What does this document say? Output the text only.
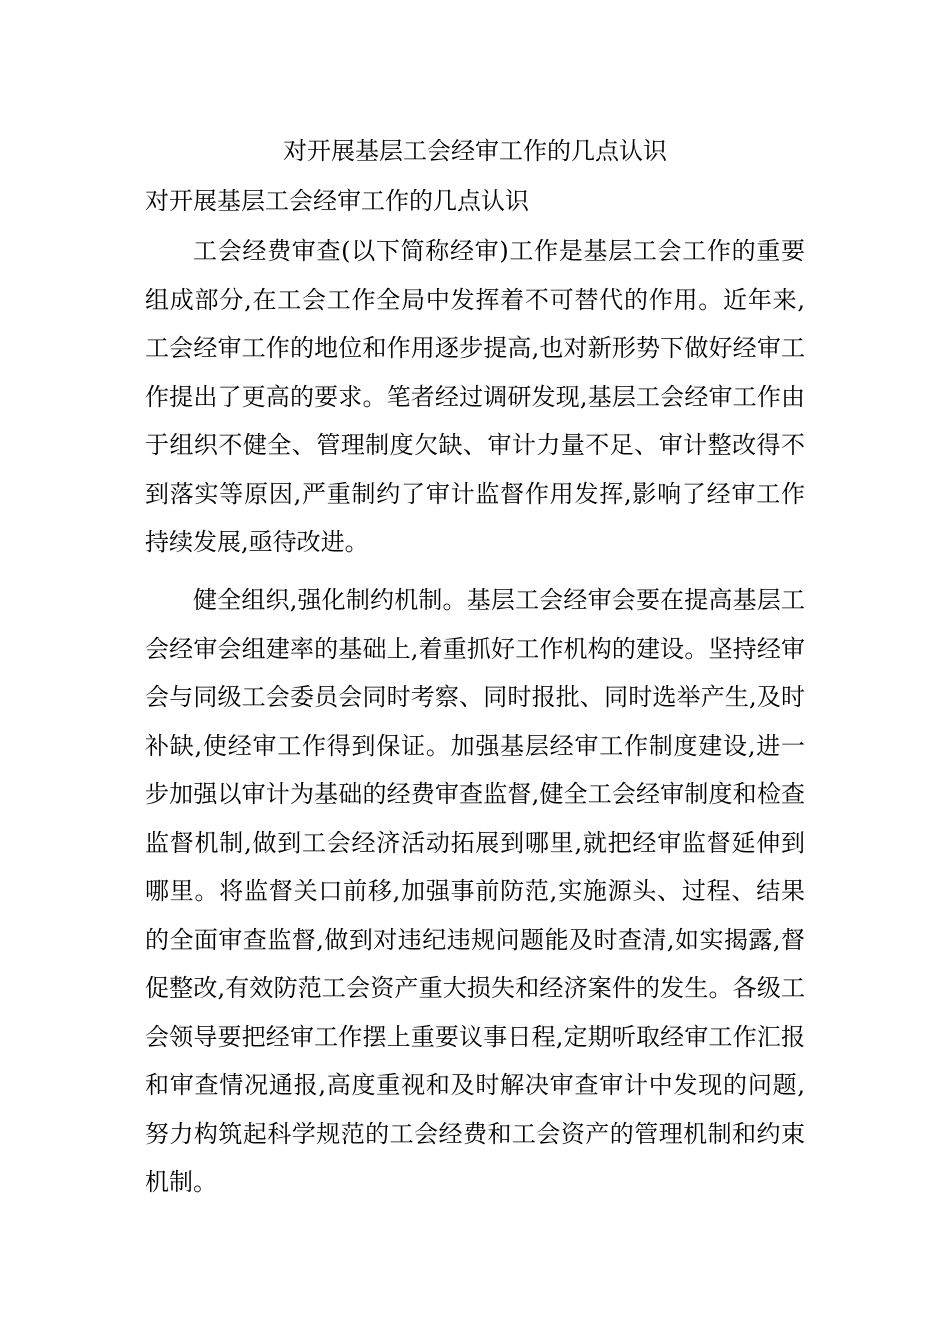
对开展基层工会经审工作的几点认识
对开展基层工会经审工作的几点认识

工会经费审查(以下简称经审)工作是基层工会工作的重要组成部分,在工会工作全局中发挥着不可替代的作用。近年来,工会经审工作的地位和作用逐步提高,也对新形势下做好经审工作提出了更高的要求。笔者经过调研发现,基层工会经审工作由于组织不健全、管理制度欠缺、审计力量不足、审计整改得不到落实等原因,严重制约了审计监督作用发挥,影响了经审工作持续发展,亟待改进。

健全组织,强化制约机制。基层工会经审会要在提高基层工会经审会组建率的基础上,着重抓好工作机构的建设。坚持经审会与同级工会委员会同时考察、同时报批、同时选举产生,及时补缺,使经审工作得到保证。加强基层经审工作制度建设,进一步加强以审计为基础的经费审查监督,健全工会经审制度和检查监督机制,做到工会经济活动拓展到哪里,就把经审监督延伸到哪里。将监督关口前移,加强事前防范,实施源头、过程、结果的全面审查监督,做到对违纪违规问题能及时查清,如实揭露,督促整改,有效防范工会资产重大损失和经济案件的发生。各级工会领导要把经审工作摆上重要议事日程,定期听取经审工作汇报和审查情况通报,高度重视和及时解决审查审计中发现的问题,努力构筑起科学规范的工会经费和工会资产的管理机制和约束机制。
